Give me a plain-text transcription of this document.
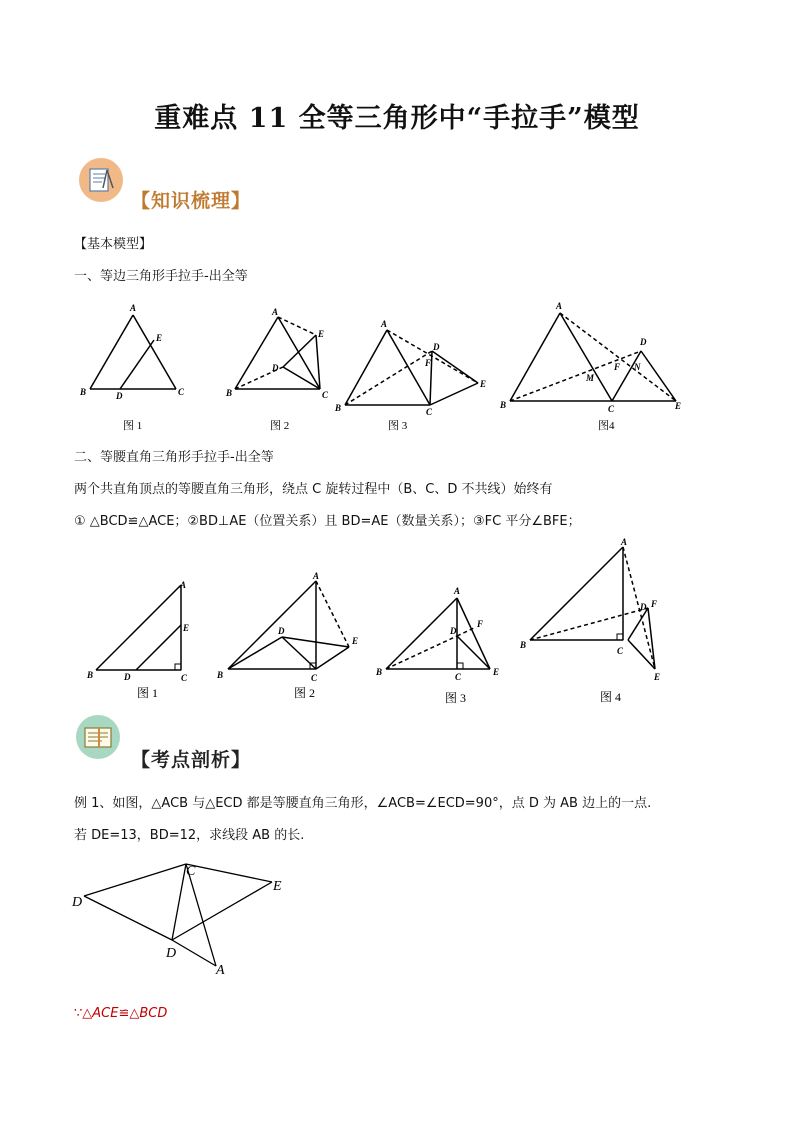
重难点 11 全等三角形中“手拉手”模型
【知识梳理】
【基本模型】
一、等边三角形手拉手-出全等
A
B	C
D
E
图 1
A
B	C
D
E
图 2
A
B	C
D
E
F
图 3
A
B	C
D
E
F
M
N
图4
二、等腰直角三角形手拉手-出全等
两个共直角顶点的等腰直角三角形，绕点 C 旋转过程中（B、C、D 不共线）始终有
① △BCD≌△ACE；②BD⊥AE（位置关系）且 BD=AE（数量关系）；③FC 平分∠BFE；
A
B	C
D
E
图 1
A
B	C
D
E
图 2
A
B	C
D
E
F
图 3
A
B
C
D
E
F
图 4
【考点剖析】
例 1、如图，△ACB 与△ECD 都是等腰直角三角形，∠ACB=∠ECD=90°，点 D 为 AB 边上的一点.
若 DE=13，BD=12，求线段 AB 的长.
D
C
E
D
A
∵△ACE≌△BCD
